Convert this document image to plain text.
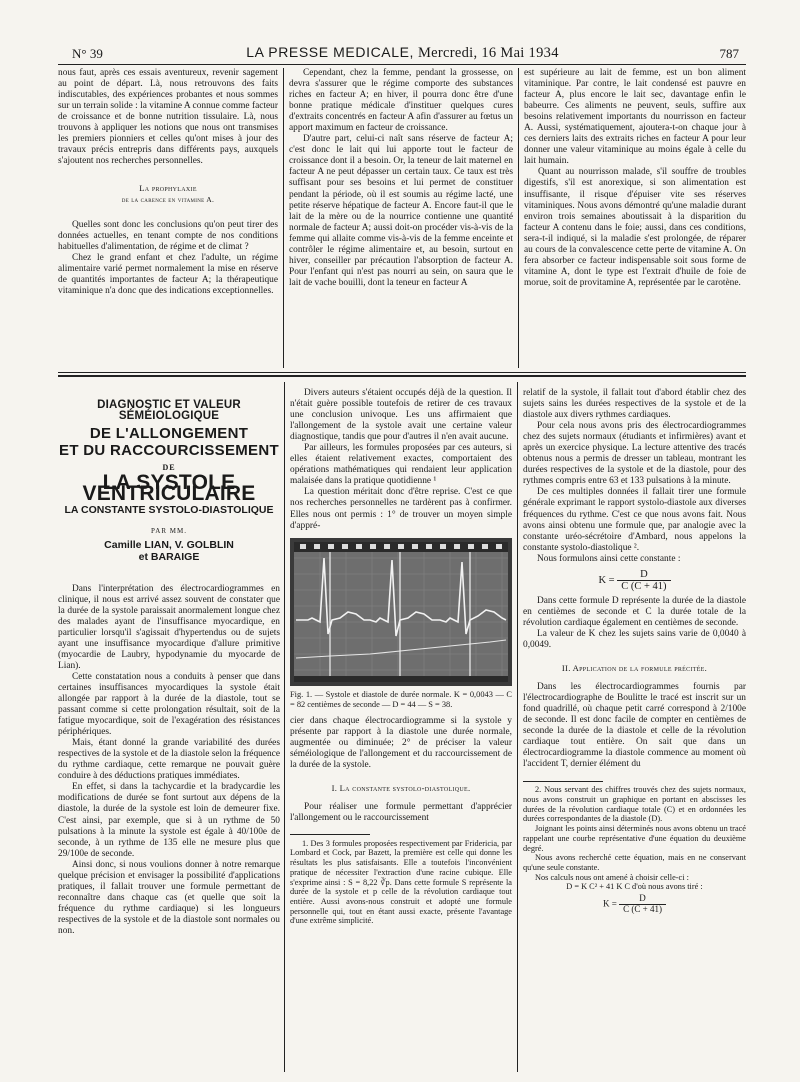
N° 39	LA PRESSE MEDICALE, Mercredi, 16 Mai 1934	787

nous faut, après ces essais aventureux, revenir sagement au point de départ. Là, nous retrouvons des faits indiscutables, des expériences probantes et nous sommes sur un terrain solide : la vitamine A connue comme facteur de croissance et de bonne nutrition tissulaire. Là, nous trouvons à appliquer les notions que nous ont transmises les premiers pionniers et celles qu'ont mises à jour des travaux précis entrepris dans différents pays, auxquels s'ajoutent nos recherches personnelles.

La prophylaxie
de la carence en vitamine A.

Quelles sont donc les conclusions qu'on peut tirer des données actuelles, en tenant compte de nos conditions habituelles d'alimentation, de régime et de climat ?

Chez le grand enfant et chez l'adulte, un régime alimentaire varié permet normalement la mise en réserve de quantités importantes de facteur A; la thérapeutique vitaminique n'a donc que des indications exceptionnelles.

Cependant, chez la femme, pendant la grossesse, on devra s'assurer que le régime comporte des substances riches en facteur A; en hiver, il pourra donc être d'une bonne pratique médicale d'instituer quelques cures d'extraits concentrés en facteur A afin d'assurer au fœtus un apport maximum en facteur de croissance.

D'autre part, celui-ci naît sans réserve de facteur A; c'est donc le lait qui lui apporte tout le facteur de croissance dont il a besoin. Or, la teneur de lait maternel en facteur A ne peut dépasser un certain taux. Ce taux est très suffisant pour ses besoins et lui permet de constituer pendant la période, où il est soumis au régime lacté, une petite réserve hépatique de facteur A. Encore faut-il que le lait de la mère ou de la nourrice contienne une quantité normale de facteur A; aussi doit-on procéder vis-à-vis de la femme qui allaite comme vis-à-vis de la femme enceinte et contrôler le régime alimentaire et, au besoin, surtout en hiver, conseiller par précaution l'absorption de facteur A. Pour l'enfant qui n'est pas nourri au sein, on saura que le lait de vache bouilli, dont la teneur en facteur A

est supérieure au lait de femme, est un bon aliment vitaminique. Par contre, le lait condensé est pauvre en facteur A, plus encore le lait sec, davantage enfin le babeurre. Ces aliments ne peuvent, seuls, suffire aux besoins relativement importants du nourrisson en facteur A. Aussi, systématiquement, ajoutera-t-on chaque jour à ces derniers laits des extraits riches en facteur A pour leur donner une valeur vitaminique au moins égale à celle du lait humain.

Quant au nourrisson malade, s'il souffre de troubles digestifs, s'il est anorexique, si son alimentation est insuffisante, il risque d'épuiser vite ses réserves vitaminiques. Nous avons démontré qu'une maladie durant environ trois semaines aboutissait à la disparition du facteur A contenu dans le foie; aussi, dans ces conditions, sera-t-il indiqué, si la maladie s'est prolongée, de réparer au cours de la convalescence cette perte de vitamine A. On fera absorber ce facteur indispensable soit sous forme de vitamine A, dont le type est l'extrait d'huile de foie de morue, soit de provitamine A, représentée par le carotène.

DIAGNOSTIC ET VALEUR SÉMÉIOLOGIQUE
DE L'ALLONGEMENT
ET DU RACCOURCISSEMENT
DE
LA SYSTOLE VENTRICULAIRE
LA CONSTANTE SYSTOLO-DIASTOLIQUE
PAR MM.
Camille LIAN, V. GOLBLIN
et BARAIGE

Dans l'interprétation des électrocardiogrammes en clinique, il nous est arrivé assez souvent de constater que la durée de la systole paraissait anormalement longue chez des malades ayant de l'insuffisance myocardique, en particulier lorsqu'il s'agissait d'hypertendus ou de sujets ayant une insuffisance myocardique d'allure primitive (myocardie de Laubry, hypodynamie du myocarde de Lian).

Cette constatation nous a conduits à penser que dans certaines insuffisances myocardiques la systole était allongée par rapport à la durée de la diastole, tout se passant comme si cette prolongation résultait, soit de la fatigue myocardique, soit de l'exagération des résistances périphériques.

Mais, étant donné la grande variabilité des durées respectives de la systole et de la diastole selon la fréquence du rythme cardiaque, cette remarque ne pouvait guère conduire à des déductions pratiques immédiates.

En effet, si dans la tachycardie et la bradycardie les modifications de durée se font surtout aux dépens de la diastole, la durée de la systole est loin de demeurer fixe. C'est ainsi, par exemple, que si à un rythme de 50 pulsations à la minute la systole est égale à 40/100e de seconde, à un rythme de 135 elle ne mesure plus que 29/100e de seconde.

Ainsi donc, si nous voulions donner à notre remarque quelque précision et envisager la possibilité d'applications pratiques, il fallait trouver une formule permettant de reconnaître dans chaque cas (et quelle que soit la fréquence du rythme cardiaque) si les longueurs respectives de la systole et de la diastole sont normales ou non.

Divers auteurs s'étaient occupés déjà de la question. Il n'était guère possible toutefois de retirer de ces travaux une conclusion univoque. Les uns affirmaient que l'allongement de la systole avait une certaine valeur diagnostique, tandis que pour d'autres il n'en avait aucune.

Par ailleurs, les formules proposées par ces auteurs, si elles étaient relativement exactes, comportaient des opérations mathématiques qui rendaient leur application malaisée dans la pratique quotidienne ¹

La question méritait donc d'être reprise. C'est ce que nos recherches personnelles ne tardèrent pas à confirmer. Elles nous ont permis : 1° de trouver un moyen simple d'appré-

Fig. 1. — Systole et diastole de durée normale. K = 0,0043 — C = 82 centièmes de seconde — D = 44 — S = 38.

cier dans chaque électrocardiogramme si la systole y présente par rapport à la diastole une durée normale, augmentée ou diminuée; 2° de préciser la valeur séméiologique de l'allongement et du raccourcissement de la durée de la systole.

I. La constante systolo-diastolique.

Pour réaliser une formule permettant d'apprécier l'allongement ou le raccourcissement

1. Des 3 formules proposées respectivement par Fridericia, par Lombard et Cock, par Bazett, la première est celle qui donne les résultats les plus satisfaisants. Elle a toutefois l'inconvénient pratique de nécessiter l'extraction d'une racine cubique. Elle s'exprime ainsi : S = 8,22 ∛p. Dans cette formule S représente la durée de la systole et p celle de la révolution cardiaque tout entière. Aussi avons-nous construit et adopté une formule personnelle qui, tout en étant aussi exacte, présente l'avantage d'une extrême simplicité.

relatif de la systole, il fallait tout d'abord établir chez des sujets sains les durées respectives de la systole et de la diastole aux divers rythmes cardiaques.

Pour cela nous avons pris des électrocardiogrammes chez des sujets normaux (étudiants et infirmières) avant et après un exercice physique. La lecture attentive des tracés obtenus nous a permis de dresser un tableau, montrant les durées respectives de la systole et de la diastole, pour des rythmes compris entre 63 et 133 pulsations à la minute.

De ces multiples données il fallait tirer une formule générale exprimant le rapport systolo-diastole aux diverses fréquences du rythme. C'est ce que nous avons fait. Nous avons ainsi obtenu une formule que, par analogie avec la constante uréo-sécrétoire d'Ambard, nous appelons la constante systolo-diastolique ².

Nous formulons ainsi cette constante :

$K = \frac{D}{C (C + 41)}$

Dans cette formule D représente la durée de la diastole en centièmes de seconde et C la durée totale de la révolution cardiaque également en centièmes de seconde.

La valeur de K chez les sujets sains varie de 0,0040 à 0,0049.

II. Application de la formule précitée.

Dans les électrocardiogrammes fournis par l'électrocardiographe de Boulitte le tracé est inscrit sur un fond quadrillé, où chaque petit carré correspond à 2/100e de seconde. Il est donc facile de compter en centièmes de seconde la durée de la diastole et celle de la révolution cardiaque tout entière. On sait que dans un électrocardiogramme la diastole commence au moment où l'accident T, dernier élément du

2. Nous servant des chiffres trouvés chez des sujets normaux, nous avons construit un graphique en portant en abscisses les durées de la révolution cardiaque totale (C) et en ordonnées les durées correspondantes de la diastole (D).

Joignant les points ainsi déterminés nous avons obtenu un tracé rappelant une courbe représentative d'une équation du deuxième degré.

Nous avons recherché cette équation, mais en ne conservant qu'une seule constante.

Nos calculs nous ont amené à choisir celle-ci :

D = K C² + 41 K C d'où nous avons tiré :

$K = \frac{D}{C (C + 41)}$
